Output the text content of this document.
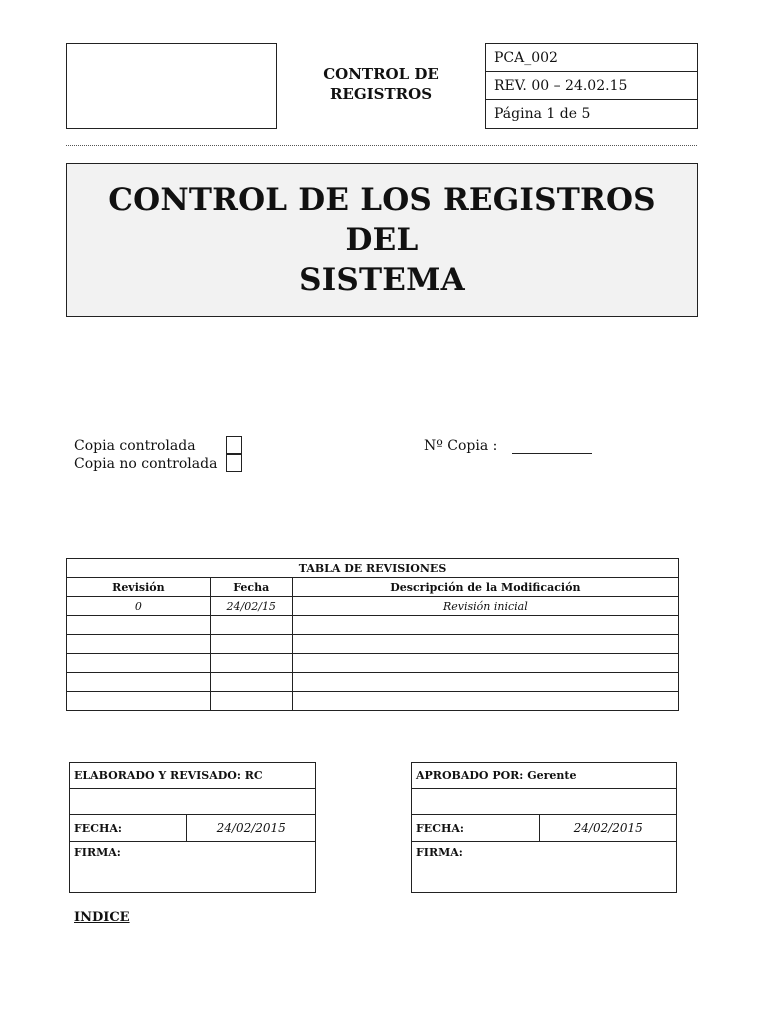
CONTROL DE
REGISTROS
PCA_002
REV. 00 – 24.02.15
Página 1 de 5
CONTROL DE LOS REGISTROS DEL
SISTEMA
Copia controlada
Copia no controlada
Nº Copia :
TABLA DE REVISIONES		
Revisión	Fecha	Descripción de la Modificación
0	24/02/15	Revisión inicial

ELABORADO Y REVISADO: RC

FECHA:	24/02/2015
FIRMA:
APROBADO POR: Gerente

FECHA:	24/02/2015
FIRMA:
INDICE
